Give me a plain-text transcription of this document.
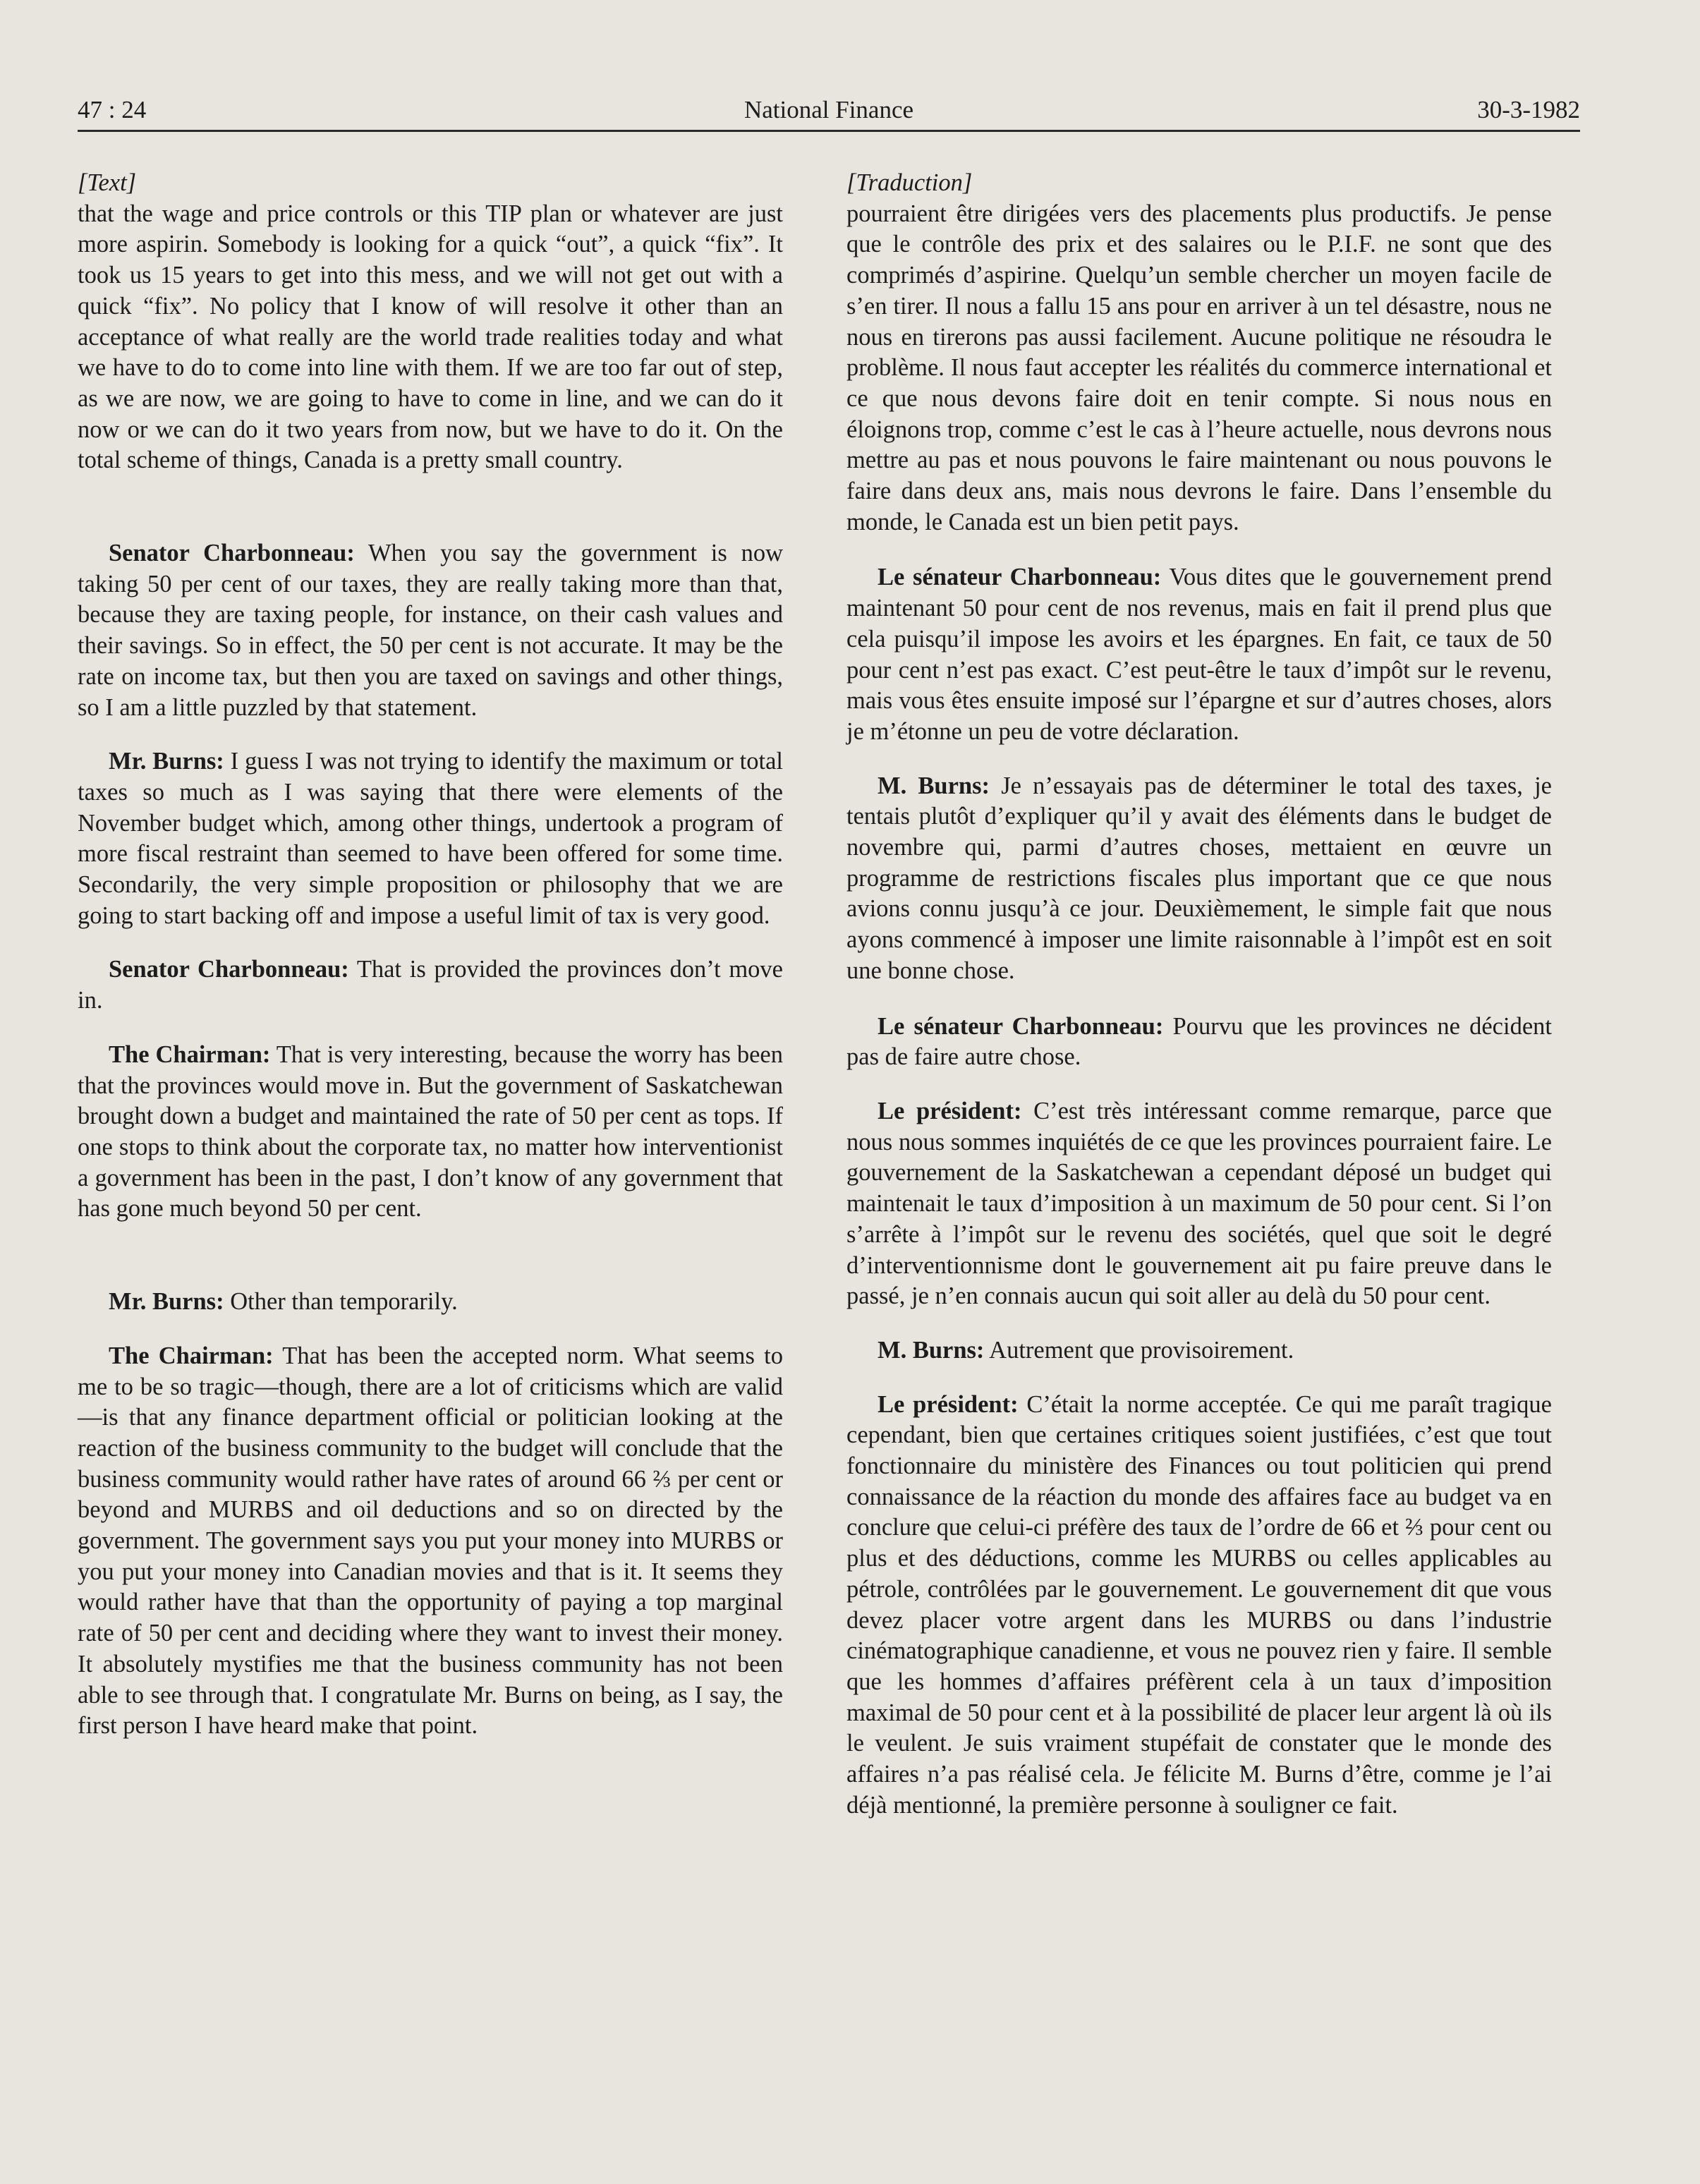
47 : 24	National Finance	30-3-1982
[Text]
that the wage and price controls or this TIP plan or whatever are just more aspirin. Somebody is looking for a quick “out”, a quick “fix”. It took us 15 years to get into this mess, and we will not get out with a quick “fix”. No policy that I know of will resolve it other than an acceptance of what really are the world trade realities today and what we have to do to come into line with them. If we are too far out of step, as we are now, we are going to have to come in line, and we can do it now or we can do it two years from now, but we have to do it. On the total scheme of things, Canada is a pretty small country.
Senator Charbonneau: When you say the government is now taking 50 per cent of our taxes, they are really taking more than that, because they are taxing people, for instance, on their cash values and their savings. So in effect, the 50 per cent is not accurate. It may be the rate on income tax, but then you are taxed on savings and other things, so I am a little puzzled by that statement.
Mr. Burns: I guess I was not trying to identify the maximum or total taxes so much as I was saying that there were elements of the November budget which, among other things, undertook a program of more fiscal restraint than seemed to have been offered for some time. Secondarily, the very simple proposition or philosophy that we are going to start backing off and impose a useful limit of tax is very good.
Senator Charbonneau: That is provided the provinces don’t move in.
The Chairman: That is very interesting, because the worry has been that the provinces would move in. But the government of Saskatchewan brought down a budget and maintained the rate of 50 per cent as tops. If one stops to think about the corporate tax, no matter how interventionist a government has been in the past, I don’t know of any government that has gone much beyond 50 per cent.
Mr. Burns: Other than temporarily.
The Chairman: That has been the accepted norm. What seems to me to be so tragic—though, there are a lot of criticisms which are valid—is that any finance department official or politician looking at the reaction of the business community to the budget will conclude that the business community would rather have rates of around 66 ⅔ per cent or beyond and MURBS and oil deductions and so on directed by the government. The government says you put your money into MURBS or you put your money into Canadian movies and that is it. It seems they would rather have that than the opportunity of paying a top marginal rate of 50 per cent and deciding where they want to invest their money. It absolutely mystifies me that the business community has not been able to see through that. I congratulate Mr. Burns on being, as I say, the first person I have heard make that point.
[Traduction]
pourraient être dirigées vers des placements plus productifs. Je pense que le contrôle des prix et des salaires ou le P.I.F. ne sont que des comprimés d’aspirine. Quelqu’un semble chercher un moyen facile de s’en tirer. Il nous a fallu 15 ans pour en arriver à un tel désastre, nous ne nous en tirerons pas aussi facilement. Aucune politique ne résoudra le problème. Il nous faut accepter les réalités du commerce international et ce que nous devons faire doit en tenir compte. Si nous nous en éloignons trop, comme c’est le cas à l’heure actuelle, nous devrons nous mettre au pas et nous pouvons le faire maintenant ou nous pouvons le faire dans deux ans, mais nous devrons le faire. Dans l’ensemble du monde, le Canada est un bien petit pays.
Le sénateur Charbonneau: Vous dites que le gouvernement prend maintenant 50 pour cent de nos revenus, mais en fait il prend plus que cela puisqu’il impose les avoirs et les épargnes. En fait, ce taux de 50 pour cent n’est pas exact. C’est peut-être le taux d’impôt sur le revenu, mais vous êtes ensuite imposé sur l’épargne et sur d’autres choses, alors je m’étonne un peu de votre déclaration.
M. Burns: Je n’essayais pas de déterminer le total des taxes, je tentais plutôt d’expliquer qu’il y avait des éléments dans le budget de novembre qui, parmi d’autres choses, mettaient en œuvre un programme de restrictions fiscales plus important que ce que nous avions connu jusqu’à ce jour. Deuxièmement, le simple fait que nous ayons commencé à imposer une limite raisonnable à l’impôt est en soit une bonne chose.
Le sénateur Charbonneau: Pourvu que les provinces ne décident pas de faire autre chose.
Le président: C’est très intéressant comme remarque, parce que nous nous sommes inquiétés de ce que les provinces pourraient faire. Le gouvernement de la Saskatchewan a cependant déposé un budget qui maintenait le taux d’imposition à un maximum de 50 pour cent. Si l’on s’arrête à l’impôt sur le revenu des sociétés, quel que soit le degré d’interventionnisme dont le gouvernement ait pu faire preuve dans le passé, je n’en connais aucun qui soit aller au delà du 50 pour cent.
M. Burns: Autrement que provisoirement.
Le président: C’était la norme acceptée. Ce qui me paraît tragique cependant, bien que certaines critiques soient justifiées, c’est que tout fonctionnaire du ministère des Finances ou tout politicien qui prend connaissance de la réaction du monde des affaires face au budget va en conclure que celui-ci préfère des taux de l’ordre de 66 et ⅔ pour cent ou plus et des déductions, comme les MURBS ou celles applicables au pétrole, contrôlées par le gouvernement. Le gouvernement dit que vous devez placer votre argent dans les MURBS ou dans l’industrie cinématographique canadienne, et vous ne pouvez rien y faire. Il semble que les hommes d’affaires préfèrent cela à un taux d’imposition maximal de 50 pour cent et à la possibilité de placer leur argent là où ils le veulent. Je suis vraiment stupéfait de constater que le monde des affaires n’a pas réalisé cela. Je félicite M. Burns d’être, comme je l’ai déjà mentionné, la première personne à souligner ce fait.
